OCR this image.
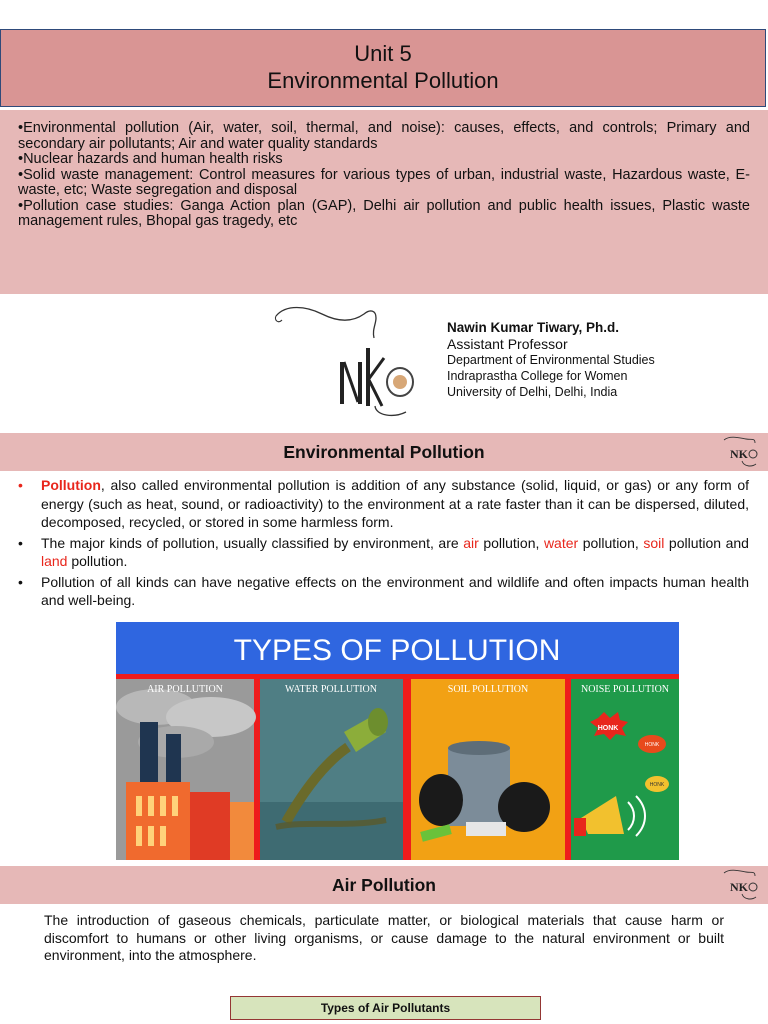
Unit 5
Environmental Pollution

•Environmental pollution (Air, water, soil, thermal, and noise): causes, effects, and controls; Primary and secondary air pollutants; Air and water quality standards

•Nuclear hazards and human health risks

•Solid waste management: Control measures for various types of urban, industrial waste, Hazardous waste, E-waste, etc; Waste segregation and disposal

•Pollution case studies: Ganga Action plan (GAP), Delhi air pollution and public health issues, Plastic waste management rules, Bhopal gas tragedy, etc

Nawin Kumar Tiwary, Ph.d.
Assistant Professor
Department of Environmental Studies
Indraprastha College for Women
University of Delhi, Delhi, India
Environmental Pollution	NK
•	Pollution, also called environmental pollution is addition of any substance (solid, liquid, or gas) or any form of energy (such as heat, sound, or radioactivity) to the environment at a rate faster than it can be dispersed, diluted, decomposed, recycled, or stored in some harmless form.
•	The major kinds of pollution, usually classified by environment, are air pollution, water pollution, soil pollution and land pollution.
•	Pollution of all kinds can have negative effects on the environment and wildlife and often impacts human health and well-being.
TYPES OF POLLUTION
AIR POLLUTION	WATER POLLUTION	SOIL POLLUTION
HONK
HONK
HONK
NOISE POLLUTION
Air Pollution	NK
The introduction of gaseous chemicals, particulate matter, or biological materials that cause harm or discomfort to humans or other living organisms, or cause damage to the natural environment or built environment, into the atmosphere.
Types of Air Pollutants
